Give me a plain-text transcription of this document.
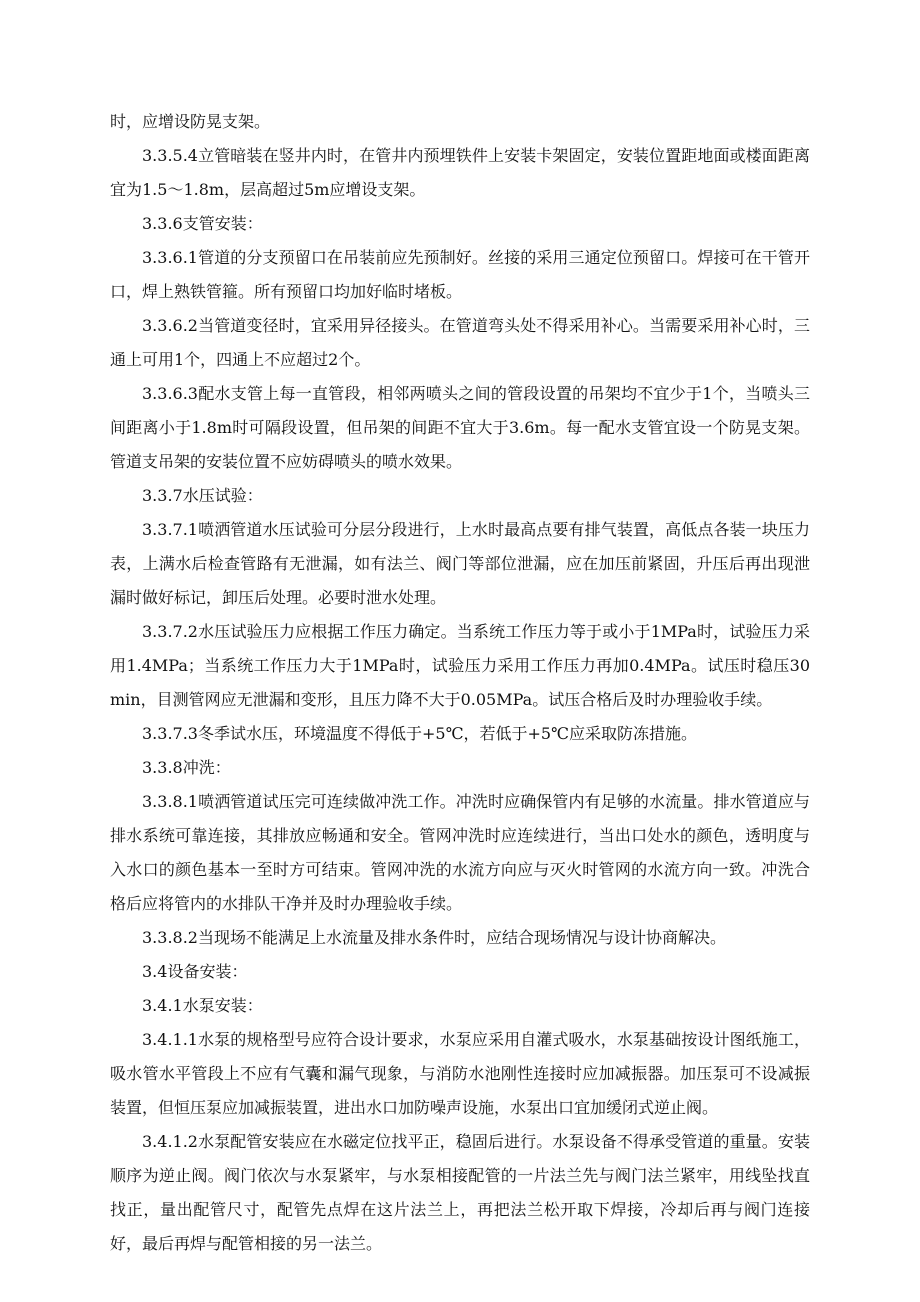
时，应增设防晃支架。

3.3.5.4立管暗装在竖井内时，在管井内预埋铁件上安装卡架固定，安装位置距地面或楼面距离宜为1.5～1.8m，层高超过5m应增设支架。

3.3.6支管安装：

3.3.6.1管道的分支预留口在吊装前应先预制好。丝接的采用三通定位预留口。焊接可在干管开口，焊上熟铁管箍。所有预留口均加好临时堵板。

3.3.6.2当管道变径时，宜采用异径接头。在管道弯头处不得采用补心。当需要采用补心时，三通上可用1个，四通上不应超过2个。

3.3.6.3配水支管上每一直管段，相邻两喷头之间的管段设置的吊架均不宜少于1个，当喷头三间距离小于1.8m时可隔段设置，但吊架的间距不宜大于3.6m。每一配水支管宜设一个防晃支架。管道支吊架的安装位置不应妨碍喷头的喷水效果。

3.3.7水压试验：

3.3.7.1喷洒管道水压试验可分层分段进行，上水时最高点要有排气装置，高低点各装一块压力表，上满水后检查管路有无泄漏，如有法兰、阀门等部位泄漏，应在加压前紧固，升压后再出现泄漏时做好标记，卸压后处理。必要时泄水处理。

3.3.7.2水压试验压力应根据工作压力确定。当系统工作压力等于或小于1MPa时，试验压力采用1.4MPa；当系统工作压力大于1MPa时，试验压力采用工作压力再加0.4MPa。试压时稳压30min，目测管网应无泄漏和变形，且压力降不大于0.05MPa。试压合格后及时办理验收手续。

3.3.7.3冬季试水压，环境温度不得低于+5℃，若低于+5℃应采取防冻措施。

3.3.8冲洗：

3.3.8.1喷洒管道试压完可连续做冲洗工作。冲洗时应确保管内有足够的水流量。排水管道应与排水系统可靠连接，其排放应畅通和安全。管网冲洗时应连续进行，当出口处水的颜色，透明度与入水口的颜色基本一至时方可结束。管网冲洗的水流方向应与灭火时管网的水流方向一致。冲洗合格后应将管内的水排队干净并及时办理验收手续。

3.3.8.2当现场不能满足上水流量及排水条件时，应结合现场情况与设计协商解决。

3.4设备安装：

3.4.1水泵安装：

3.4.1.1水泵的规格型号应符合设计要求，水泵应采用自灌式吸水，水泵基础按设计图纸施工，吸水管水平管段上不应有气囊和漏气现象，与消防水池刚性连接时应加减振器。加压泵可不设减振装置，但恒压泵应加减振装置，进出水口加防噪声设施，水泵出口宜加缓闭式逆止阀。

3.4.1.2水泵配管安装应在水磁定位找平正，稳固后进行。水泵设备不得承受管道的重量。安装顺序为逆止阀。阀门依次与水泵紧牢，与水泵相接配管的一片法兰先与阀门法兰紧牢，用线坠找直找正，量出配管尺寸，配管先点焊在这片法兰上，再把法兰松开取下焊接，冷却后再与阀门连接好，最后再焊与配管相接的另一法兰。
